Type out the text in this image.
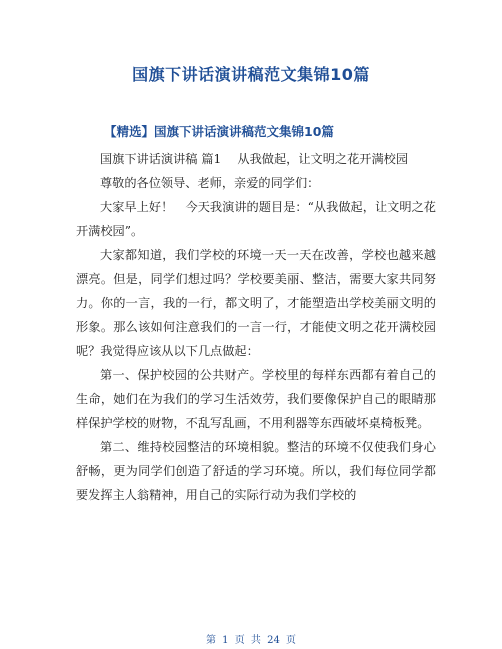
国旗下讲话演讲稿范文集锦10篇
【精选】国旗下讲话演讲稿范文集锦10篇

国旗下讲话演讲稿 篇1　 从我做起，让文明之花开满校园

尊敬的各位领导、老师，亲爱的同学们：

大家早上好！　今天我演讲的题目是：“从我做起，让文明之花开满校园”。

大家都知道，我们学校的环境一天一天在改善，学校也越来越漂亮。但是，同学们想过吗？学校要美丽、整洁，需要大家共同努力。你的一言，我的一行，都文明了，才能塑造出学校美丽文明的形象。那么该如何注意我们的一言一行，才能使文明之花开满校园呢？我觉得应该从以下几点做起：

第一、保护校园的公共财产。学校里的每样东西都有着自己的生命，她们在为我们的学习生活效劳，我们要像保护自己的眼睛那样保护学校的财物，不乱写乱画，不用利器等东西破坏桌椅板凳。

第二、维持校园整洁的环境相貌。整洁的环境不仅使我们身心舒畅，更为同学们创造了舒适的学习环境。所以，我们每位同学都要发挥主人翁精神，用自己的实际行动为我们学校的

第 1 页 共 24 页
